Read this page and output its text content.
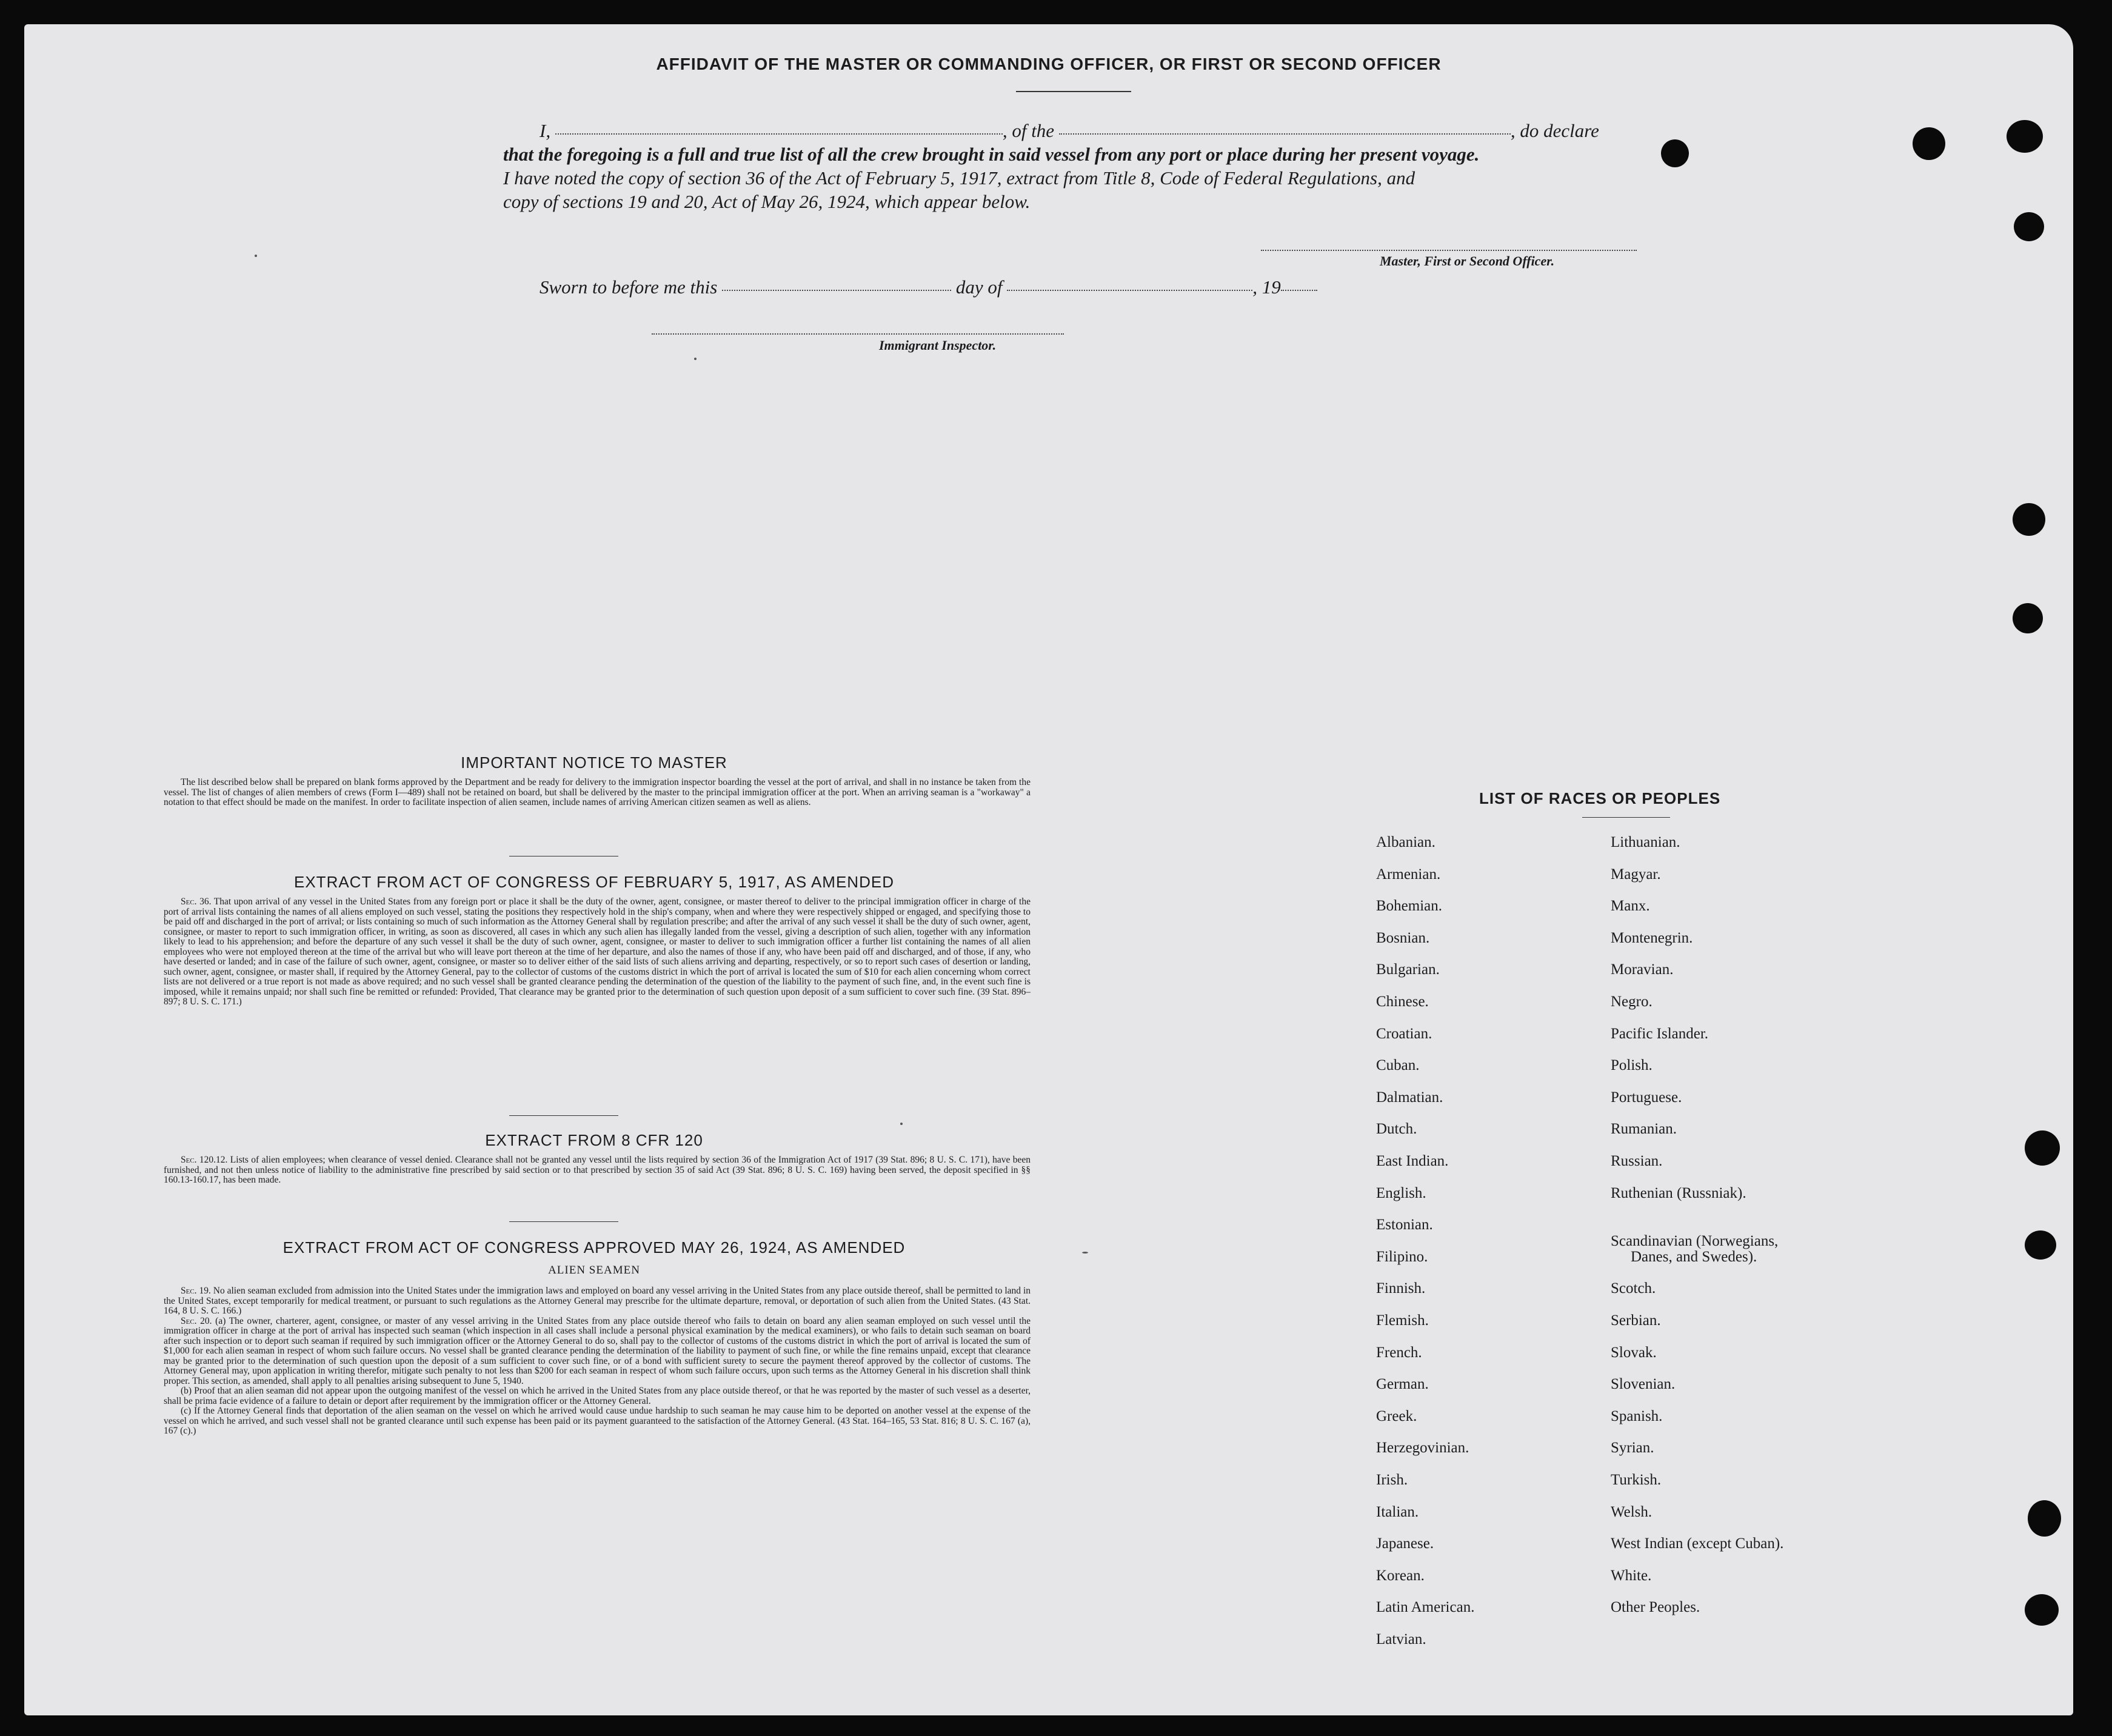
AFFIDAVIT OF THE MASTER OR COMMANDING OFFICER, OR FIRST OR SECOND OFFICER
I,	, of the	, do declare
that the foregoing is a full and true list of all the crew brought in said vessel from any port or place during her present voyage.
I have noted the copy of section 36 of the Act of February 5, 1917, extract from Title 8, Code of Federal Regulations, and
copy of sections 19 and 20, Act of May 26, 1924, which appear below.
Master, First or Second Officer.
Sworn to before me this	day of	, 19
Immigrant Inspector.
IMPORTANT NOTICE TO MASTER

The list described below shall be prepared on blank forms approved by the Department and be ready for delivery to the immigration inspector boarding the vessel at the port of arrival, and shall in no instance be taken from the vessel. The list of changes of alien members of crews (Form I—489) shall not be retained on board, but shall be delivered by the master to the principal immigration officer at the port. When an arriving seaman is a "workaway" a notation to that effect should be made on the manifest. In order to facilitate inspection of alien seamen, include names of arriving American citizen seamen as well as aliens.

EXTRACT FROM ACT OF CONGRESS OF FEBRUARY 5, 1917, AS AMENDED

Sec. 36. That upon arrival of any vessel in the United States from any foreign port or place it shall be the duty of the owner, agent, consignee, or master thereof to deliver to the principal immigration officer in charge of the port of arrival lists containing the names of all aliens employed on such vessel, stating the positions they respectively hold in the ship's company, when and where they were respectively shipped or engaged, and specifying those to be paid off and discharged in the port of arrival; or lists containing so much of such information as the Attorney General shall by regulation prescribe; and after the arrival of any such vessel it shall be the duty of such owner, agent, consignee, or master to report to such immigration officer, in writing, as soon as discovered, all cases in which any such alien has illegally landed from the vessel, giving a description of such alien, together with any information likely to lead to his apprehension; and before the departure of any such vessel it shall be the duty of such owner, agent, consignee, or master to deliver to such immigration officer a further list containing the names of all alien employees who were not employed thereon at the time of the arrival but who will leave port thereon at the time of her departure, and also the names of those if any, who have been paid off and discharged, and of those, if any, who have deserted or landed; and in case of the failure of such owner, agent, consignee, or master so to deliver either of the said lists of such aliens arriving and departing, respectively, or so to report such cases of desertion or landing, such owner, agent, consignee, or master shall, if required by the Attorney General, pay to the collector of customs of the customs district in which the port of arrival is located the sum of $10 for each alien concerning whom correct lists are not delivered or a true report is not made as above required; and no such vessel shall be granted clearance pending the determination of the question of the liability to the payment of such fine, and, in the event such fine is imposed, while it remains unpaid; nor shall such fine be remitted or refunded: Provided, That clearance may be granted prior to the determination of such question upon deposit of a sum sufficient to cover such fine. (39 Stat. 896–897; 8 U. S. C. 171.)

EXTRACT FROM 8 CFR 120

Sec. 120.12. Lists of alien employees; when clearance of vessel denied. Clearance shall not be granted any vessel until the lists required by section 36 of the Immigration Act of 1917 (39 Stat. 896; 8 U. S. C. 171), have been furnished, and not then unless notice of liability to the administrative fine prescribed by said section or to that prescribed by section 35 of said Act (39 Stat. 896; 8 U. S. C. 169) having been served, the deposit specified in §§ 160.13-160.17, has been made.

EXTRACT FROM ACT OF CONGRESS APPROVED MAY 26, 1924, AS AMENDED
ALIEN SEAMEN

Sec. 19. No alien seaman excluded from admission into the United States under the immigration laws and employed on board any vessel arriving in the United States from any place outside thereof, shall be permitted to land in the United States, except temporarily for medical treatment, or pursuant to such regulations as the Attorney General may prescribe for the ultimate departure, removal, or deportation of such alien from the United States. (43 Stat. 164, 8 U. S. C. 166.)

Sec. 20. (a) The owner, charterer, agent, consignee, or master of any vessel arriving in the United States from any place outside thereof who fails to detain on board any alien seaman employed on such vessel until the immigration officer in charge at the port of arrival has inspected such seaman (which inspection in all cases shall include a personal physical examination by the medical examiners), or who fails to detain such seaman on board after such inspection or to deport such seaman if required by such immigration officer or the Attorney General to do so, shall pay to the collector of customs of the customs district in which the port of arrival is located the sum of $1,000 for each alien seaman in respect of whom such failure occurs. No vessel shall be granted clearance pending the determination of the liability to payment of such fine, or while the fine remains unpaid, except that clearance may be granted prior to the determination of such question upon the deposit of a sum sufficient to cover such fine, or of a bond with sufficient surety to secure the payment thereof approved by the collector of customs. The Attorney General may, upon application in writing therefor, mitigate such penalty to not less than $200 for each seaman in respect of whom such failure occurs, upon such terms as the Attorney General in his discretion shall think proper. This section, as amended, shall apply to all penalties arising subsequent to June 5, 1940.

(b) Proof that an alien seaman did not appear upon the outgoing manifest of the vessel on which he arrived in the United States from any place outside thereof, or that he was reported by the master of such vessel as a deserter, shall be prima facie evidence of a failure to detain or deport after requirement by the immigration officer or the Attorney General.

(c) If the Attorney General finds that deportation of the alien seaman on the vessel on which he arrived would cause undue hardship to such seaman he may cause him to be deported on another vessel at the expense of the vessel on which he arrived, and such vessel shall not be granted clearance until such expense has been paid or its payment guaranteed to the satisfaction of the Attorney General. (43 Stat. 164–165, 53 Stat. 816; 8 U. S. C. 167 (a), 167 (c).)

LIST OF RACES OR PEOPLES
Albanian.
Armenian.
Bohemian.
Bosnian.
Bulgarian.
Chinese.
Croatian.
Cuban.
Dalmatian.
Dutch.
East Indian.
English.
Estonian.
Filipino.
Finnish.
Flemish.
French.
German.
Greek.
Herzegovinian.
Irish.
Italian.
Japanese.
Korean.
Latin American.
Latvian.
Lithuanian.
Magyar.
Manx.
Montenegrin.
Moravian.
Negro.
Pacific Islander.
Polish.
Portuguese.
Rumanian.
Russian.
Ruthenian (Russniak).
Scandinavian (Norwegians,
Danes, and Swedes).
Scotch.
Serbian.
Slovak.
Slovenian.
Spanish.
Syrian.
Turkish.
Welsh.
West Indian (except Cuban).
White.
Other Peoples.
